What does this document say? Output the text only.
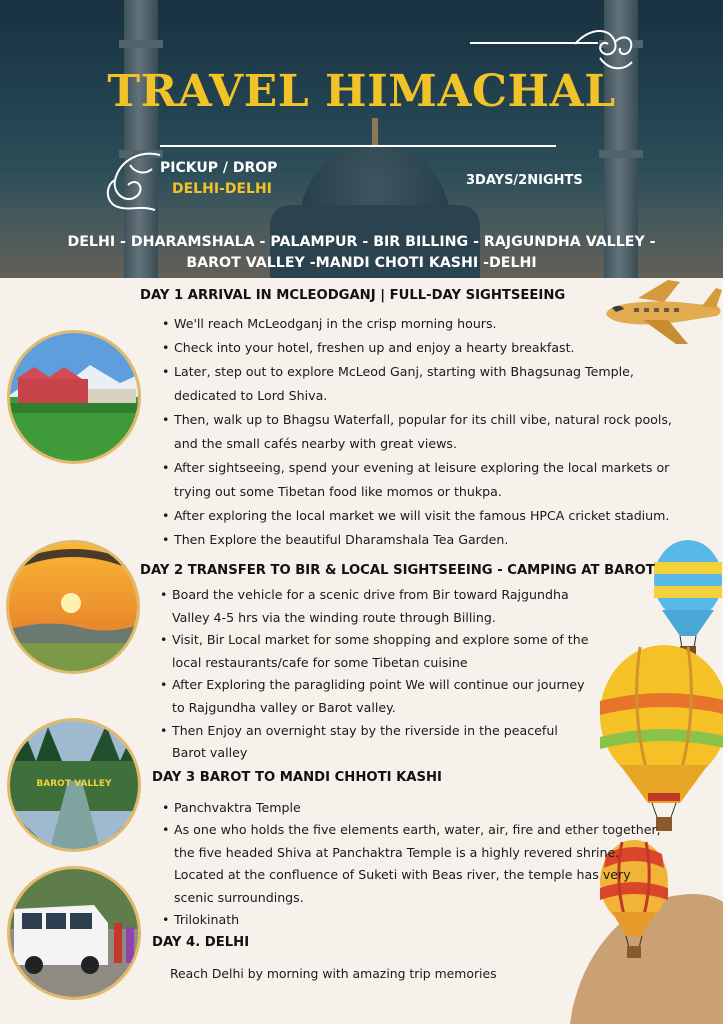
TRAVEL HIMACHAL
PICKUP / DROP
DELHI-DELHI
3DAYS/2NIGHTS
DELHI - DHARAMSHALA - PALAMPUR - BIR BILLING - RAJGUNDHA VALLEY -
BAROT VALLEY -MANDI CHOTI KASHI -DELHI
BAROT VALLEY
DAY 1 ARRIVAL IN MCLEODGANJ | FULL-DAY SIGHTSEEING
• We'll reach McLeodganj in the crisp morning hours.
• Check into your hotel, freshen up and enjoy a hearty breakfast.
• Later, step out to explore McLeod Ganj, starting with Bhagsunag Temple,
dedicated to Lord Shiva.
• Then, walk up to Bhagsu Waterfall, popular for its chill vibe, natural rock pools,
and the small cafés nearby with great views.
• After sightseeing, spend your evening at leisure exploring the local markets or
trying out some Tibetan food like momos or thukpa.
• After exploring the local market we will visit the famous HPCA cricket stadium.
• Then Explore the beautiful Dharamshala Tea Garden.
DAY 2 TRANSFER TO BIR & LOCAL SIGHTSEEING - CAMPING AT BAROT
• Board the vehicle for a scenic drive from Bir toward Rajgundha
Valley 4-5 hrs via the winding route through Billing.
• Visit, Bir Local market for some shopping and explore some of the
local restaurants/cafe for some Tibetan cuisine
• After Exploring the paragliding point We will continue our journey
to Rajgundha valley or Barot valley.
• Then Enjoy an overnight stay by the riverside in the peaceful
Barot valley
DAY 3 BAROT TO MANDI CHHOTI KASHI
• Panchvaktra Temple
• As one who holds the five elements earth, water, air, fire and ether together,
the five headed Shiva at Panchaktra Temple is a highly revered shrine.
Located at the confluence of Suketi with Beas river, the temple has very
scenic surroundings.
• Trilokinath
DAY 4. DELHI
Reach Delhi by morning with amazing trip memories
